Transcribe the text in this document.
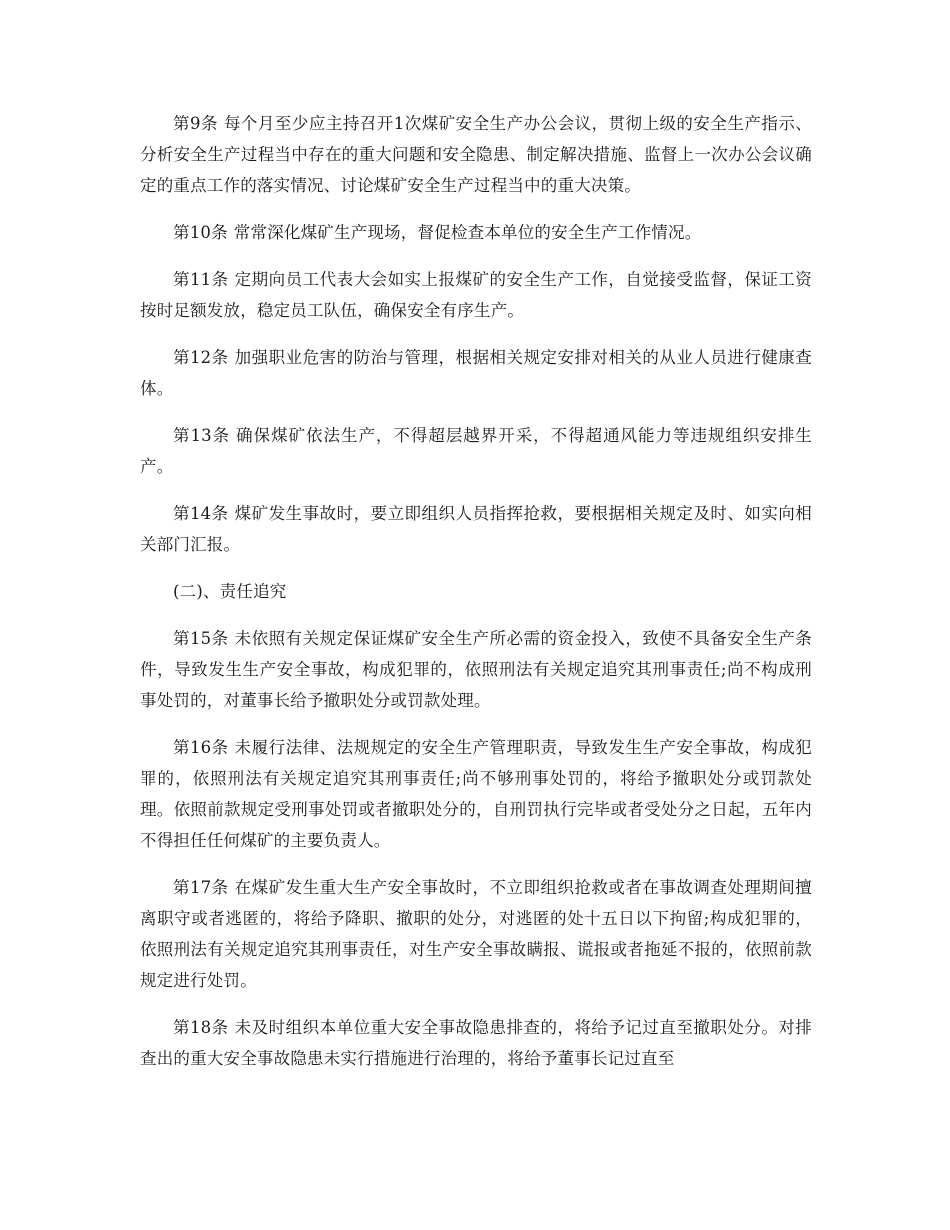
第9条 每个月至少应主持召开1次煤矿安全生产办公会议，贯彻上级的安全生产指示、分析安全生产过程当中存在的重大问题和安全隐患、制定解决措施、监督上一次办公会议确定的重点工作的落实情况、讨论煤矿安全生产过程当中的重大决策。

第10条 常常深化煤矿生产现场，督促检查本单位的安全生产工作情况。

第11条 定期向员工代表大会如实上报煤矿的安全生产工作，自觉接受监督，保证工资按时足额发放，稳定员工队伍，确保安全有序生产。

第12条 加强职业危害的防治与管理，根据相关规定安排对相关的从业人员进行健康查体。

第13条 确保煤矿依法生产，不得超层越界开采，不得超通风能力等违规组织安排生产。

第14条 煤矿发生事故时，要立即组织人员指挥抢救，要根据相关规定及时、如实向相关部门汇报。

(二)、责任追究

第15条 未依照有关规定保证煤矿安全生产所必需的资金投入，致使不具备安全生产条件，导致发生生产安全事故，构成犯罪的，依照刑法有关规定追究其刑事责任;尚不构成刑事处罚的，对董事长给予撤职处分或罚款处理。

第16条 未履行法律、法规规定的安全生产管理职责，导致发生生产安全事故，构成犯罪的，依照刑法有关规定追究其刑事责任;尚不够刑事处罚的，将给予撤职处分或罚款处理。依照前款规定受刑事处罚或者撤职处分的，自刑罚执行完毕或者受处分之日起，五年内不得担任任何煤矿的主要负责人。

第17条 在煤矿发生重大生产安全事故时，不立即组织抢救或者在事故调查处理期间擅离职守或者逃匿的，将给予降职、撤职的处分，对逃匿的处十五日以下拘留;构成犯罪的，依照刑法有关规定追究其刑事责任，对生产安全事故瞒报、谎报或者拖延不报的，依照前款规定进行处罚。

第18条 未及时组织本单位重大安全事故隐患排查的，将给予记过直至撤职处分。对排查出的重大安全事故隐患未实行措施进行治理的，将给予董事长记过直至
